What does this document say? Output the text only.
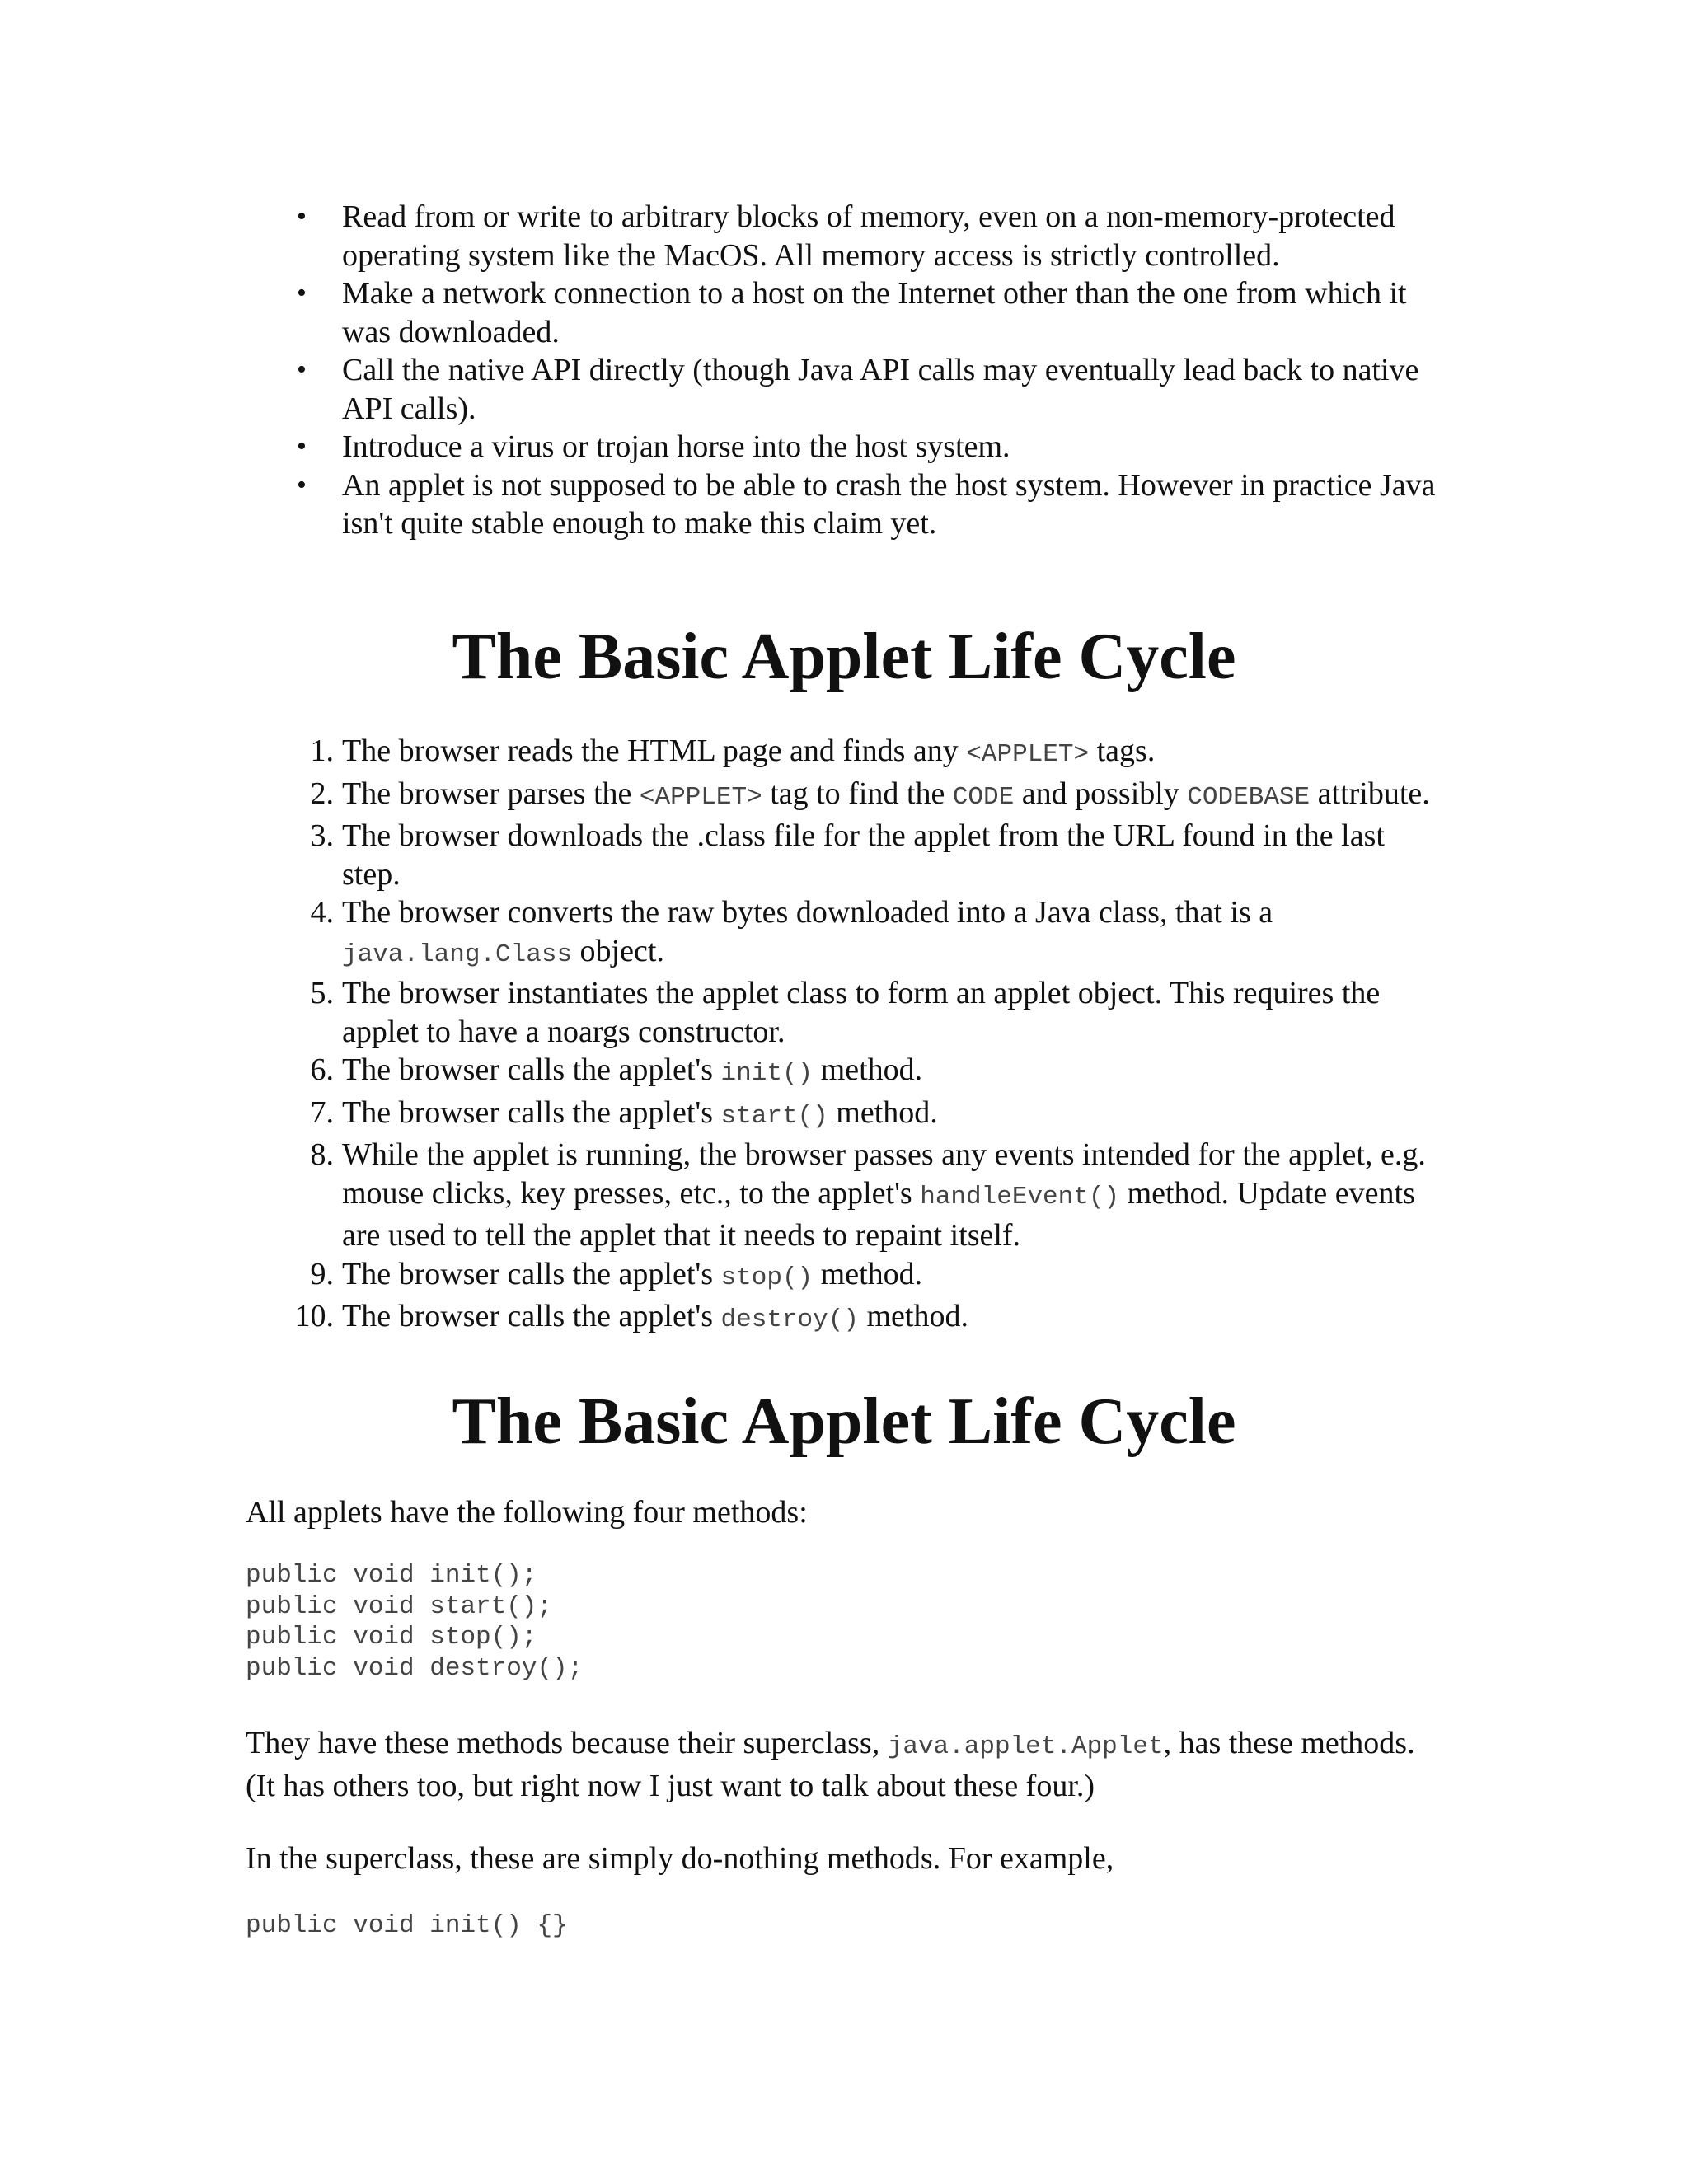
• Read from or write to arbitrary blocks of memory, even on a non-memory-protected operating system like the MacOS. All memory access is strictly controlled.
• Make a network connection to a host on the Internet other than the one from which it was downloaded.
• Call the native API directly (though Java API calls may eventually lead back to native API calls).
• Introduce a virus or trojan horse into the host system.
• An applet is not supposed to be able to crash the host system. However in practice Java isn't quite stable enough to make this claim yet.
The Basic Applet Life Cycle
1. The browser reads the HTML page and finds any <APPLET> tags.
2. The browser parses the <APPLET> tag to find the CODE and possibly CODEBASE attribute.
3. The browser downloads the .class file for the applet from the URL found in the last step.
4. The browser converts the raw bytes downloaded into a Java class, that is a java.lang.Class object.
5. The browser instantiates the applet class to form an applet object. This requires the applet to have a noargs constructor.
6. The browser calls the applet's init() method.
7. The browser calls the applet's start() method.
8. While the applet is running, the browser passes any events intended for the applet, e.g. mouse clicks, key presses, etc., to the applet's handleEvent() method. Update events are used to tell the applet that it needs to repaint itself.
9. The browser calls the applet's stop() method.
10. The browser calls the applet's destroy() method.
The Basic Applet Life Cycle

All applets have the following four methods:

public void init();
public void start();
public void stop();
public void destroy();

They have these methods because their superclass, java.applet.Applet, has these methods. (It has others too, but right now I just want to talk about these four.)

In the superclass, these are simply do-nothing methods. For example,

public void init() {}
